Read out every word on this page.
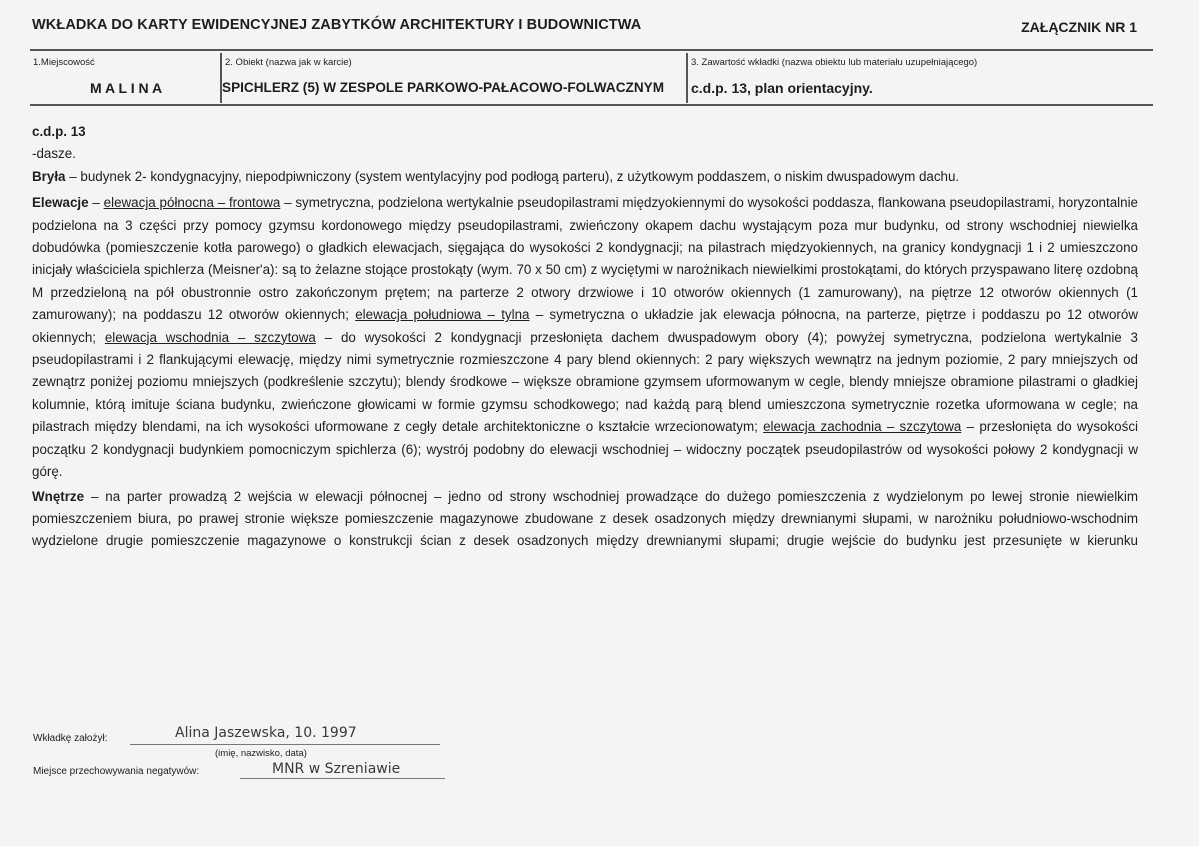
WKŁADKA DO KARTY EWIDENCYJNEJ ZABYTKÓW ARCHITEKTURY I BUDOWNICTWA	ZAŁĄCZNIK NR 1
1.Miejscowość
M A L I N A
2. Obiekt (nazwa jak w karcie)
SPICHLERZ (5) W ZESPOLE PARKOWO-PAŁACOWO-FOLWACZNYM
3. Zawartość wkładki (nazwa obiektu lub materiału uzupełniającego)
c.d.p. 13, plan orientacyjny.

c.d.p. 13

-dasze.

Bryła – budynek 2- kondygnacyjny, niepodpiwniczony (system wentylacyjny pod podłogą parteru), z użytkowym poddaszem, o niskim dwuspadowym dachu.

Elewacje – elewacja północna – frontowa – symetryczna, podzielona wertykalnie pseudopilastrami międzyokiennymi do wysokości poddasza, flankowana pseudopilastrami, horyzontalnie podzielona na 3 części przy pomocy gzymsu kordonowego między pseudopilastrami, zwieńczony okapem dachu wystającym poza mur budynku, od strony wschodniej niewielka dobudówka (pomieszczenie kotła parowego) o gładkich elewacjach, sięgająca do wysokości 2 kondygnacji; na pilastrach międzyokiennych, na granicy kondygnacji 1 i 2 umieszczono inicjały właściciela spichlerza (Meisner'a): są to żelazne stojące prostokąty (wym. 70 x 50 cm) z wyciętymi w narożnikach niewielkimi prostokątami, do których przyspawano literę ozdobną M przedzieloną na pół obustronnie ostro zakończonym prętem; na parterze 2 otwory drzwiowe i 10 otworów okiennych (1 zamurowany), na piętrze 12 otworów okiennych (1 zamurowany); na poddaszu 12 otworów okiennych; elewacja południowa – tylna – symetryczna o układzie jak elewacja północna, na parterze, piętrze i poddaszu po 12 otworów okiennych; elewacja wschodnia – szczytowa – do wysokości 2 kondygnacji przesłonięta dachem dwuspadowym obory (4); powyżej symetryczna, podzielona wertykalnie 3 pseudopilastrami i 2 flankującymi elewację, między nimi symetrycznie rozmieszczone 4 pary blend okiennych: 2 pary większych wewnątrz na jednym poziomie, 2 pary mniejszych od zewnątrz poniżej poziomu mniejszych (podkreślenie szczytu); blendy środkowe – większe obramione gzymsem uformowanym w cegle, blendy mniejsze obramione pilastrami o gładkiej kolumnie, którą imituje ściana budynku, zwieńczone głowicami w formie gzymsu schodkowego; nad każdą parą blend umieszczona symetrycznie rozetka uformowana w cegle; na pilastrach między blendami, na ich wysokości uformowane z cegły detale architektoniczne o kształcie wrzecionowatym; elewacja zachodnia – szczytowa – przesłonięta do wysokości początku 2 kondygnacji budynkiem pomocniczym spichlerza (6); wystrój podobny do elewacji wschodniej – widoczny początek pseudopilastrów od wysokości połowy 2 kondygnacji w górę.

Wnętrze – na parter prowadzą 2 wejścia w elewacji północnej – jedno od strony wschodniej prowadzące do dużego pomieszczenia z wydzielonym po lewej stronie niewielkim pomieszczeniem biura, po prawej stronie większe pomieszczenie magazynowe zbudowane z desek osadzonych między drewnianymi słupami, w narożniku południowo-wschodnim wydzielone drugie pomieszczenie magazynowe o konstrukcji ścian z desek osadzonych między drewnianymi słupami; drugie wejście do budynku jest przesunięte w kierunku

Wkładkę założył:	Alina Jaszewska, 10. 1997
(imię, nazwisko, data)
Miejsce przechowywania negatywów:	MNR w Szreniawie
